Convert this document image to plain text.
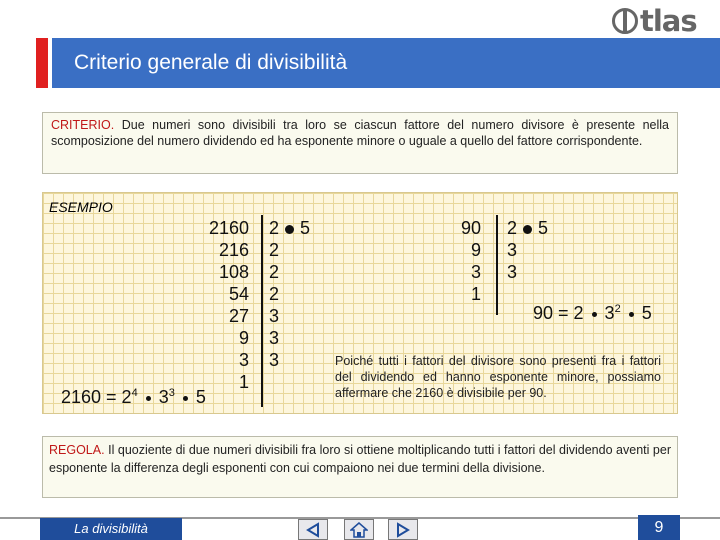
tlas
Criterio generale di divisibilità
CRITERIO. Due numeri sono divisibili tra loro se ciascun fattore del numero divisore è presente nella scomposizione del numero dividendo ed ha esponente minore o uguale a quello del fattore corrispondente.
ESEMPIO
2160
216
108
54
27
9
3
1
2 5
2
2
2
3
3
3
$2160 = 2^4$ $3^3$ 5
90
9
3
1
2 5
3
3
90 = 2 $3^2$ 5
Poiché tutti i fattori del divisore sono presenti fra i fattori del dividendo ed hanno esponente minore, possiamo affermare che 2160 è divisibile per 90.
REGOLA. Il quoziente di due numeri divisibili fra loro si ottiene moltiplicando tutti i fattori del dividendo aventi per esponente la differenza degli esponenti con cui compaiono nei due termini della divisione.
La divisibilità	9
